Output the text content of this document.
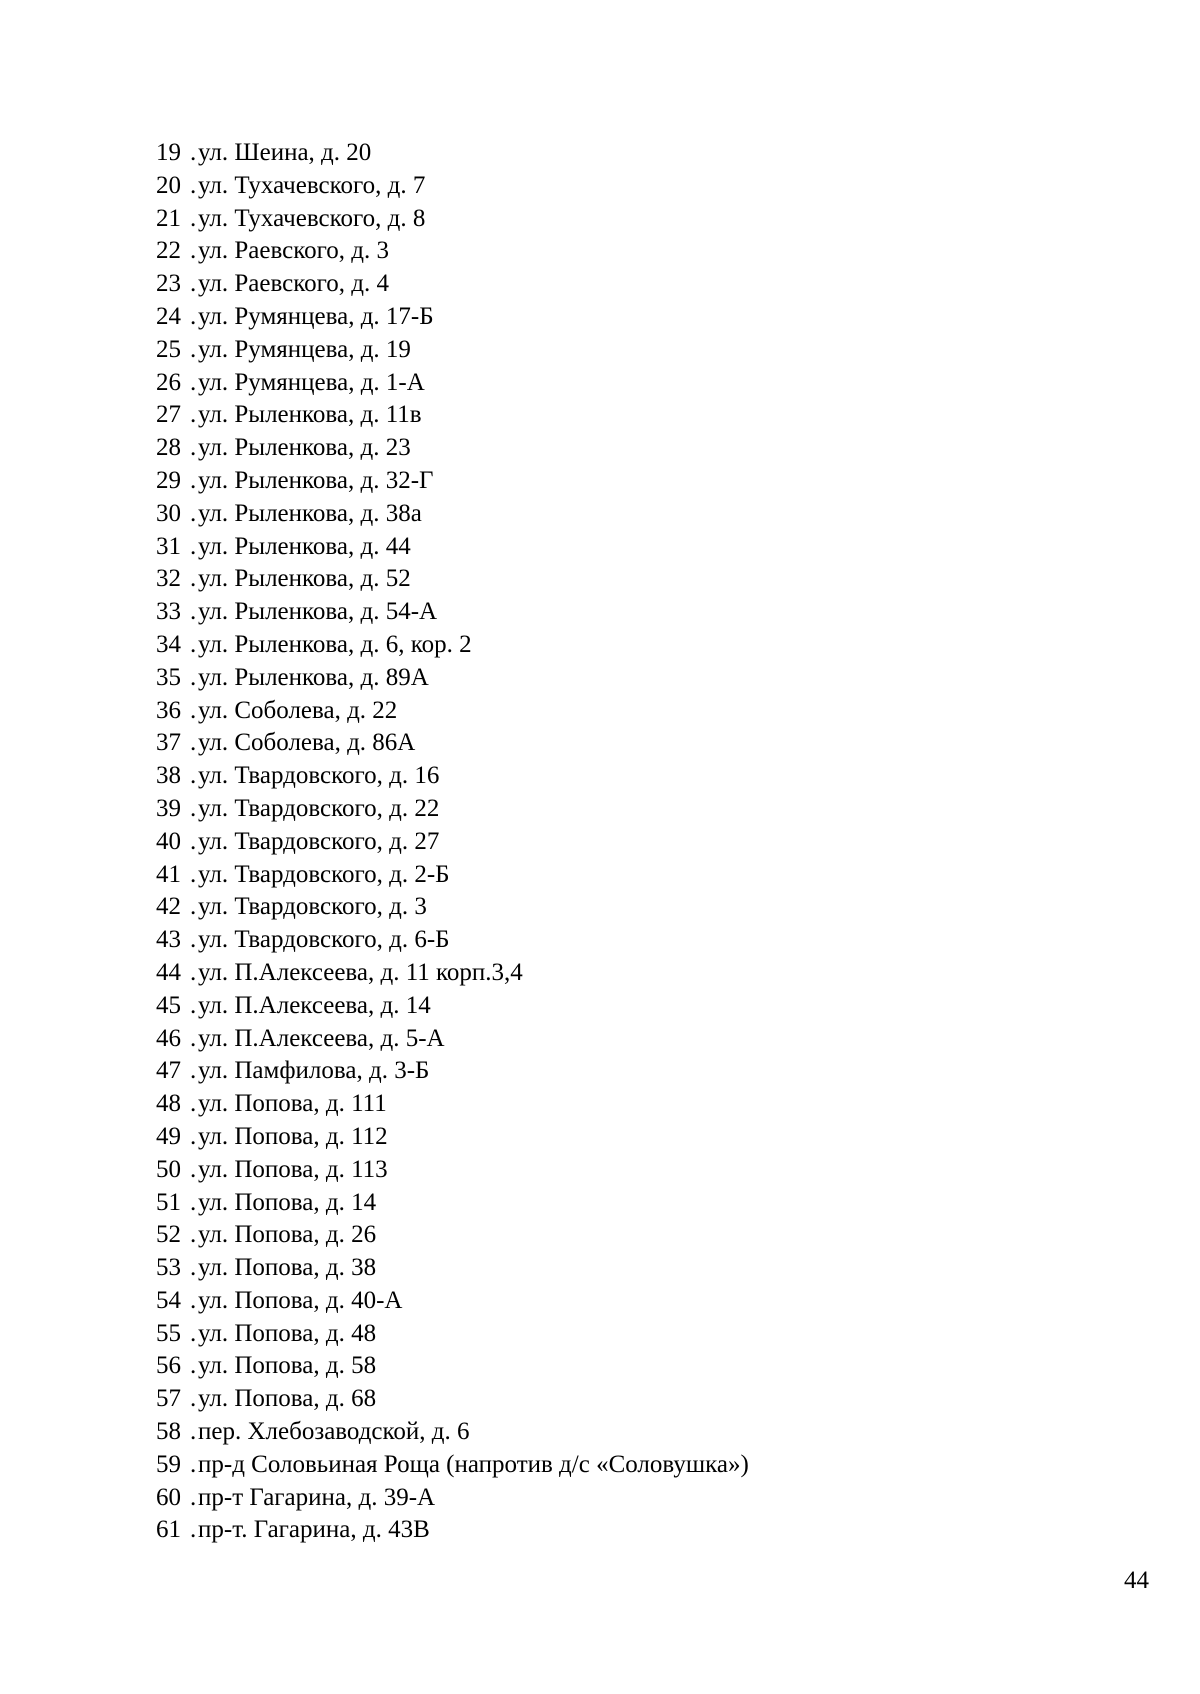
19 . ул. Шеина, д. 20
20 . ул. Тухачевского, д. 7
21 . ул. Тухачевского, д. 8
22 . ул. Раевского, д. 3
23 . ул. Раевского, д. 4
24 . ул. Румянцева, д. 17-Б
25 . ул. Румянцева, д. 19
26 . ул. Румянцева, д. 1-А
27 . ул. Рыленкова, д. 11в
28 . ул. Рыленкова, д. 23
29 . ул. Рыленкова, д. 32-Г
30 . ул. Рыленкова, д. 38а
31 . ул. Рыленкова, д. 44
32 . ул. Рыленкова, д. 52
33 . ул. Рыленкова, д. 54-А
34 . ул. Рыленкова, д. 6, кор. 2
35 . ул. Рыленкова, д. 89А
36 . ул. Соболева, д. 22
37 . ул. Соболева, д. 86А
38 . ул. Твардовского, д. 16
39 . ул. Твардовского, д. 22
40 . ул. Твардовского, д. 27
41 . ул. Твардовского, д. 2-Б
42 . ул. Твардовского, д. 3
43 . ул. Твардовского, д. 6-Б
44 . ул. П.Алексеева, д. 11 корп.3,4
45 . ул. П.Алексеева, д. 14
46 . ул. П.Алексеева, д. 5-А
47 . ул. Памфилова, д. 3-Б
48 . ул. Попова, д. 111
49 . ул. Попова, д. 112
50 . ул. Попова, д. 113
51 . ул. Попова, д. 14
52 . ул. Попова, д. 26
53 . ул. Попова, д. 38
54 . ул. Попова, д. 40-А
55 . ул. Попова, д. 48
56 . ул. Попова, д. 58
57 . ул. Попова, д. 68
58 . пер. Хлебозаводской, д. 6
59 . пр-д Соловьиная Роща (напротив д/с «Соловушка»)
60 . пр-т Гагарина, д. 39-А
61 . пр-т. Гагарина, д. 43В
44
